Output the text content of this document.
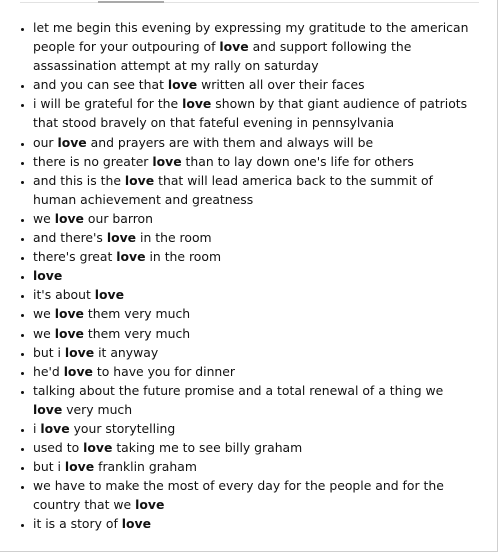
• let me begin this evening by expressing my gratitude to the american people for your outpouring of love and support following the assassination attempt at my rally on saturday
• and you can see that love written all over their faces
• i will be grateful for the love shown by that giant audience of patriots that stood bravely on that fateful evening in pennsylvania
• our love and prayers are with them and always will be
• there is no greater love than to lay down one's life for others
• and this is the love that will lead america back to the summit of human achievement and greatness
• we love our barron
• and there's love in the room
• there's great love in the room
• love
• it's about love
• we love them very much
• we love them very much
• but i love it anyway
• he'd love to have you for dinner
• talking about the future promise and a total renewal of a thing we love very much
• i love your storytelling
• used to love taking me to see billy graham
• but i love franklin graham
• we have to make the most of every day for the people and for the country that we love
• it is a story of love
